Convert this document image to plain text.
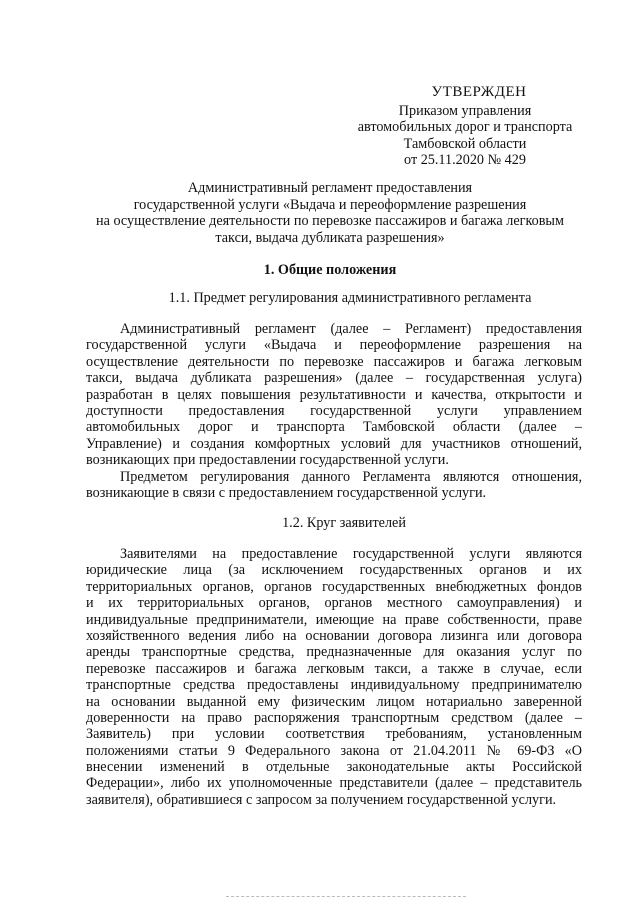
УТВЕРЖДЕН
Приказом управления
автомобильных дорог и транспорта
Тамбовской области
от 25.11.2020 № 429
Административный регламент предоставления
государственной услуги «Выдача и переоформление разрешения
на осуществление деятельности по перевозке пассажиров и багажа легковым
такси, выдача дубликата разрешения»
1. Общие положения
1.1. Предмет регулирования административного регламента
Административный регламент (далее – Регламент) предоставления
государственной услуги «Выдача и переоформление разрешения на
осуществление деятельности по перевозке пассажиров и багажа легковым
такси, выдача дубликата разрешения» (далее – государственная услуга)
разработан в целях повышения результативности и качества, открытости и
доступности предоставления государственной услуги управлением
автомобильных дорог и транспорта Тамбовской области (далее –
Управление) и создания комфортных условий для участников отношений,
возникающих при предоставлении государственной услуги.
Предметом регулирования данного Регламента являются отношения,
возникающие в связи с предоставлением государственной услуги.
1.2. Круг заявителей
Заявителями на предоставление государственной услуги являются
юридические лица (за исключением государственных органов и их
территориальных органов, органов государственных внебюджетных фондов
и их территориальных органов, органов местного самоуправления) и
индивидуальные предприниматели, имеющие на праве собственности, праве
хозяйственного ведения либо на основании договора лизинга или договора
аренды транспортные средства, предназначенные для оказания услуг по
перевозке пассажиров и багажа легковым такси, а также в случае, если
транспортные средства предоставлены индивидуальному предпринимателю
на основании выданной ему физическим лицом нотариально заверенной
доверенности на право распоряжения транспортным средством (далее –
Заявитель) при условии соответствия требованиям, установленным
положениями статьи 9 Федерального закона от 21.04.2011 № 69-ФЗ «О
внесении изменений в отдельные законодательные акты Российской
Федерации», либо их уполномоченные представители (далее – представитель
заявителя), обратившиеся с запросом за получением государственной услуги.
